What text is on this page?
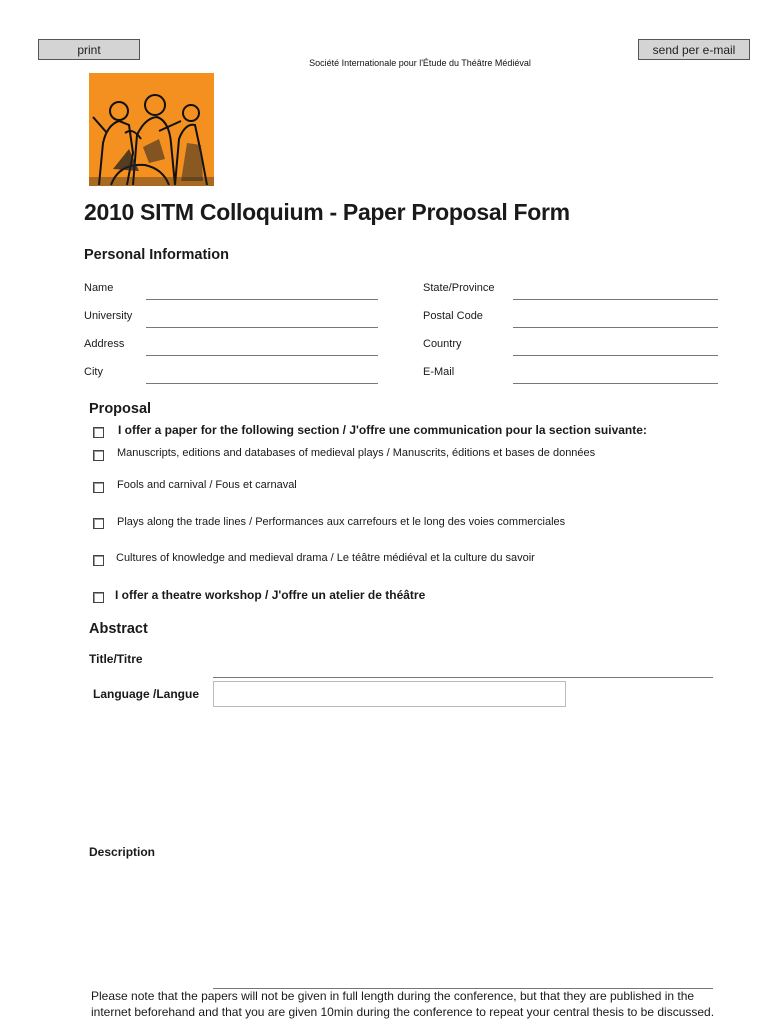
print	send per e-mail
Société Internationale pour l'Étude du Théâtre Médiéval
2010 SITM Colloquium - Paper Proposal Form
Personal Information
Name
University
Address
City
State/Province
Postal Code
Country
E-Mail
Proposal
I offer a paper for the following section / J'offre une communication pour la section suivante:
Manuscripts, editions and databases of medieval plays / Manuscrits, éditions et bases de données
Fools and carnival / Fous et carnaval
Plays along the trade lines / Performances aux carrefours et le long des voies commerciales
Cultures of knowledge and medieval drama / Le téâtre médiéval et la culture du savoir
I offer a theatre workshop / J'offre un atelier de théâtre
Abstract
Title/Titre
Language /Langue
Description
Please note that the papers will not be given in full length during the conference, but that they are published in the internet beforehand and that you are given 10min during the conference to repeat your central thesis to be discussed.
